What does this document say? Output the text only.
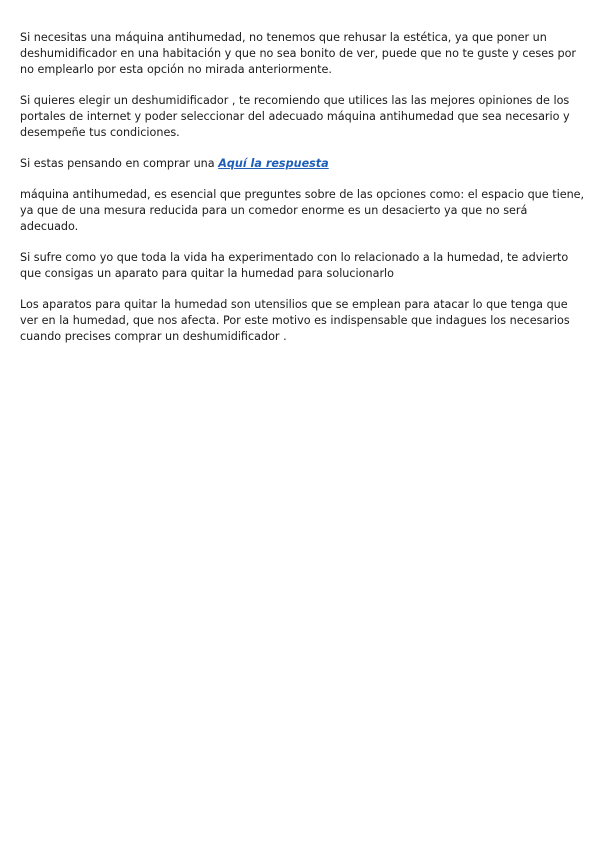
Si necesitas una máquina antihumedad, no tenemos que rehusar la estética, ya que poner un deshumidificador en una habitación y que no sea bonito de ver, puede que no te guste y ceses por no emplearlo por esta opción no mirada anteriormente.

Si quieres elegir un deshumidificador , te recomiendo que utilices las las mejores opiniones de los portales de internet y poder seleccionar del adecuado máquina antihumedad que sea necesario y desempeñe tus condiciones.

Si estas pensando en comprar una Aquí la respuesta

máquina antihumedad, es esencial que preguntes sobre de las opciones como: el espacio que tiene, ya que de una mesura reducida para un comedor enorme es un desacierto ya que no será adecuado.

Si sufre como yo que toda la vida ha experimentado con lo relacionado a la humedad, te advierto que consigas un aparato para quitar la humedad para solucionarlo

Los aparatos para quitar la humedad son utensilios que se emplean para atacar lo que tenga que ver en la humedad, que nos afecta. Por este motivo es indispensable que indagues los necesarios cuando precises comprar un deshumidificador .
